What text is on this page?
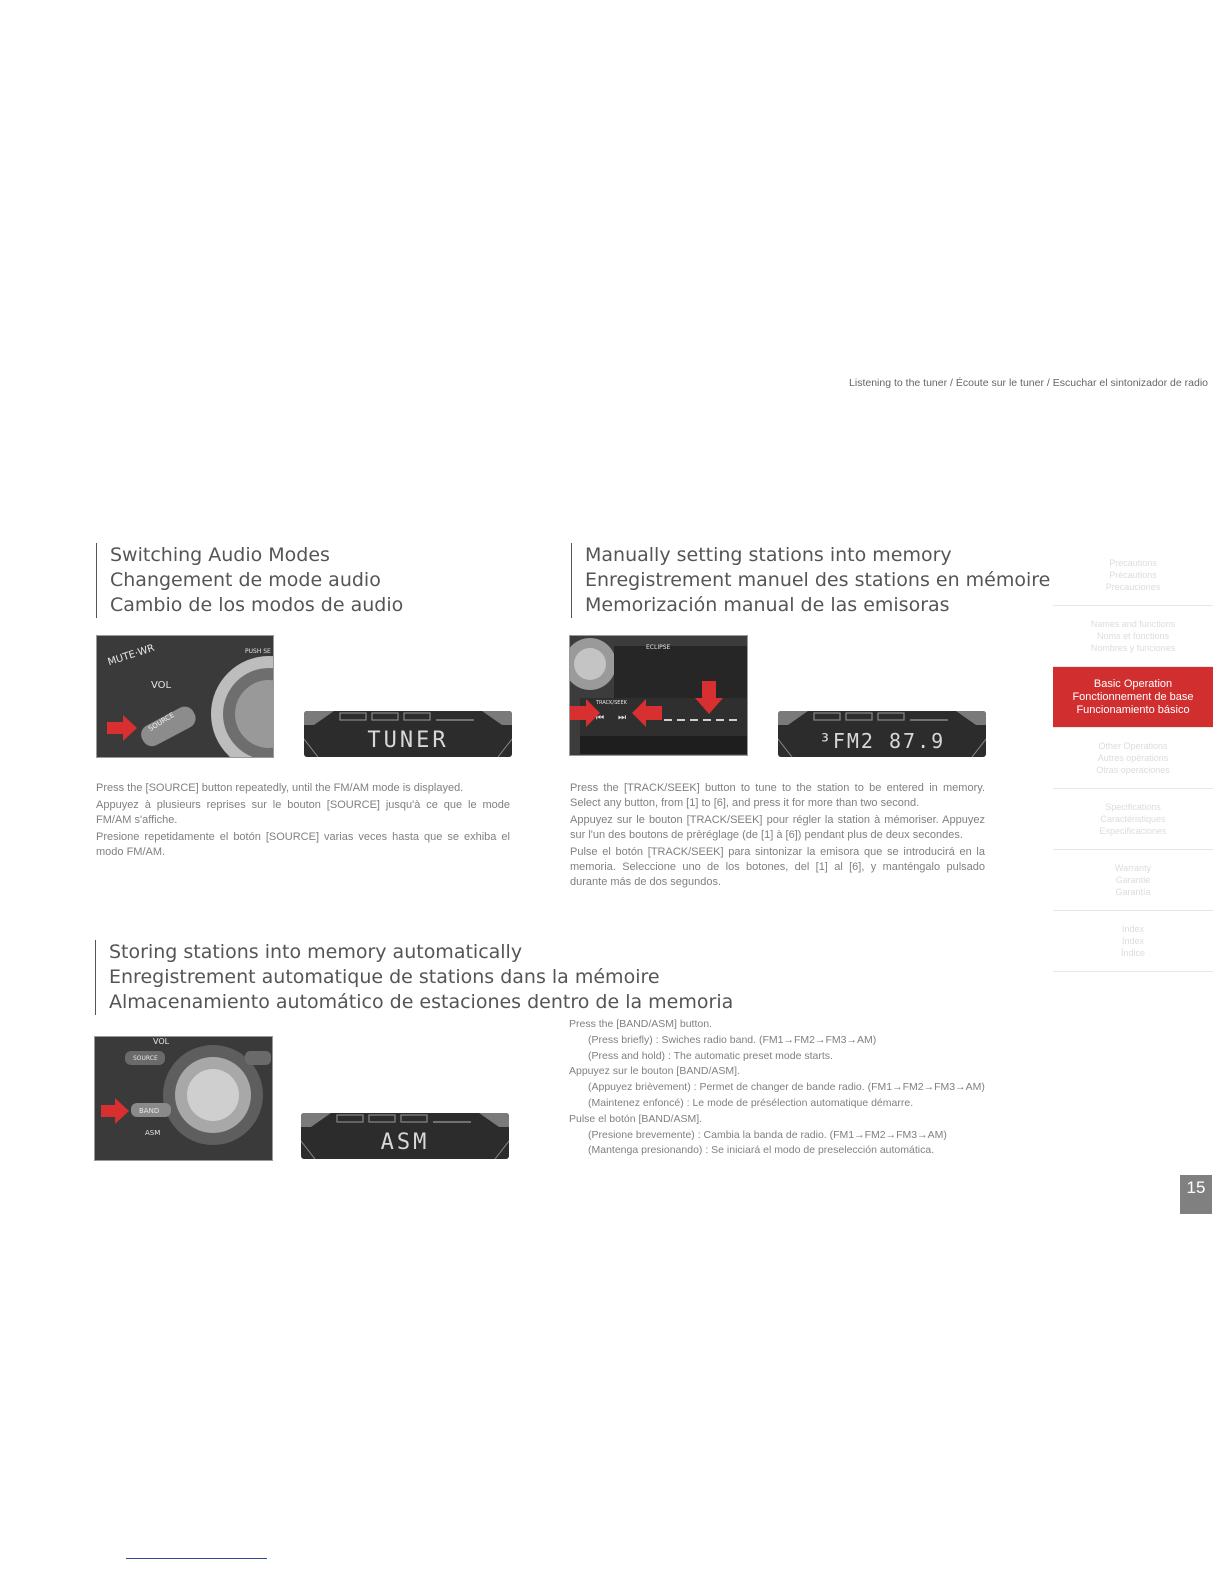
Listening to the tuner / Écoute sur le tuner / Escuchar el sintonizador de radio
Switching Audio Modes
Changement de mode audio
Cambio de los modos de audio
MUTE·WR
VOL
SOURCE
PUSH SE
TUNER

Press the [SOURCE] button repeatedly, until the FM/AM mode is displayed.

Appuyez à plusieurs reprises sur le bouton [SOURCE] jusqu'à ce que le mode FM/AM s'affiche.

Presione repetidamente el botón [SOURCE] varias veces hasta que se exhiba el modo FM/AM.

Manually setting stations into memory
Enregistrement manuel des stations en mémoire
Memorización manual de las emisoras
⏮ ⏭
ECLIPSE
TRACK/SEEK
³FM2 87.9

Press the [TRACK/SEEK] button to tune to the station to be entered in memory. Select any button, from [1] to [6], and press it for more than two second.

Appuyez sur le bouton [TRACK/SEEK] pour régler la station à mémoriser. Appuyez sur l'un des boutons de prèréglage (de [1] à [6]) pendant plus de deux secondes.

Pulse el botón [TRACK/SEEK] para sintonizar la emisora que se introducirá en la memoria. Seleccione uno de los botones, del [1] al [6], y manténgalo pulsado durante más de dos segundos.

Storing stations into memory automatically
Enregistrement automatique de stations dans la mémoire
Almacenamiento automático de estaciones dentro de la memoria
VOL
SOURCE
BAND
ASM	ASM
Press the [BAND/ASM] button.
(Press briefly) : Swiches radio band. (FM1→FM2→FM3→AM)
(Press and hold) : The automatic preset mode starts.
Appuyez sur le bouton [BAND/ASM].
(Appuyez brièvement) : Permet de changer de bande radio. (FM1→FM2→FM3→AM)
(Maintenez enfoncé) : Le mode de présélection automatique démarre.
Pulse el botón [BAND/ASM].
(Presione brevemente) : Cambia la banda de radio. (FM1→FM2→FM3→AM)
(Mantenga presionando) : Se iniciará el modo de preselección automática.
Precautions
Précautions
Precauciones
Names and functions
Noms et fonctions
Nombres y funciones
Basic Operation
Fonctionnement de base
Funcionamiento básico
Other Operations
Autres opérations
Otras operaciones
Specifications
Caractéristiques
Especificaciones
Warranty
Garantie
Garantía
Index
Index
Índice
15
